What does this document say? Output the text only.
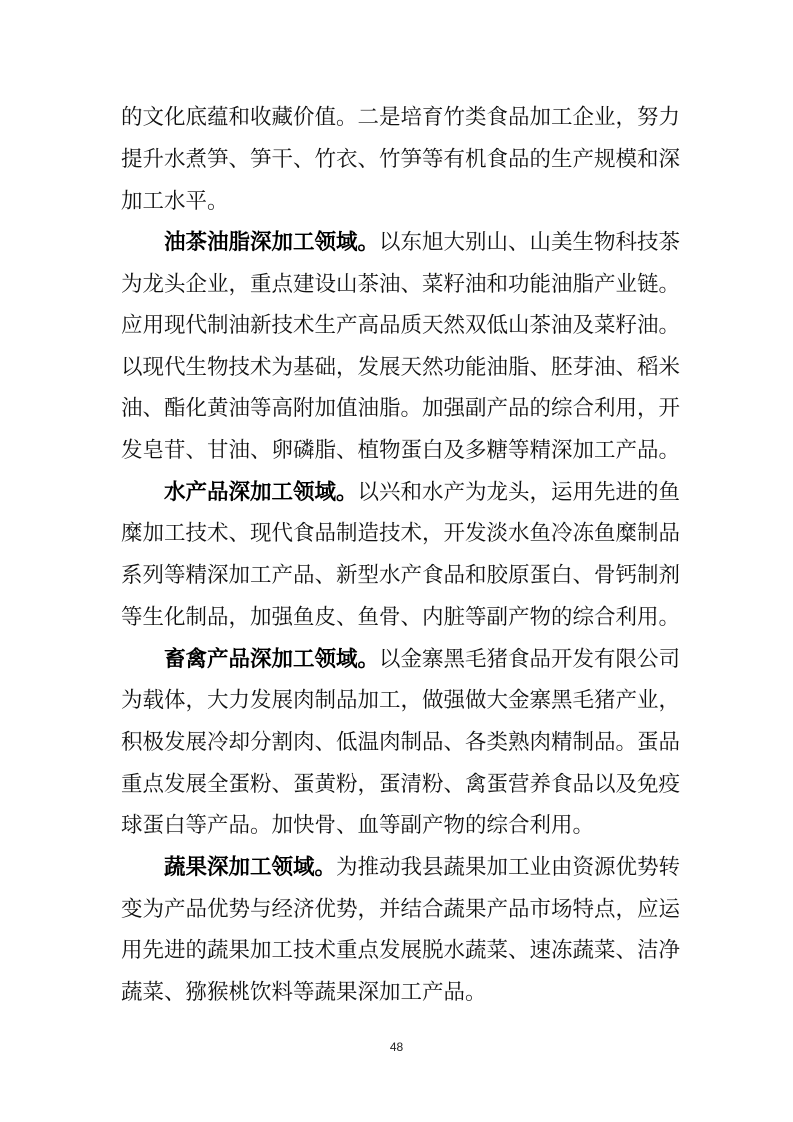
的文化底蕴和收藏价值。二是培育竹类食品加工企业，努力
提升水煮笋、笋干、竹衣、竹笋等有机食品的生产规模和深
加工水平。
油茶油脂深加工领域。以东旭大别山、山美生物科技茶
为龙头企业，重点建设山茶油、菜籽油和功能油脂产业链。
应用现代制油新技术生产高品质天然双低山茶油及菜籽油。
以现代生物技术为基础，发展天然功能油脂、胚芽油、稻米
油、酯化黄油等高附加值油脂。加强副产品的综合利用，开
发皂苷、甘油、卵磷脂、植物蛋白及多糖等精深加工产品。
水产品深加工领域。以兴和水产为龙头，运用先进的鱼
糜加工技术、现代食品制造技术，开发淡水鱼冷冻鱼糜制品
系列等精深加工产品、新型水产食品和胶原蛋白、骨钙制剂
等生化制品，加强鱼皮、鱼骨、内脏等副产物的综合利用。
畜禽产品深加工领域。以金寨黑毛猪食品开发有限公司
为载体，大力发展肉制品加工，做强做大金寨黑毛猪产业，
积极发展冷却分割肉、低温肉制品、各类熟肉精制品。蛋品
重点发展全蛋粉、蛋黄粉，蛋清粉、禽蛋营养食品以及免疫
球蛋白等产品。加快骨、血等副产物的综合利用。
蔬果深加工领域。为推动我县蔬果加工业由资源优势转
变为产品优势与经济优势，并结合蔬果产品市场特点，应运
用先进的蔬果加工技术重点发展脱水蔬菜、速冻蔬菜、洁净
蔬菜、猕猴桃饮料等蔬果深加工产品。
48
